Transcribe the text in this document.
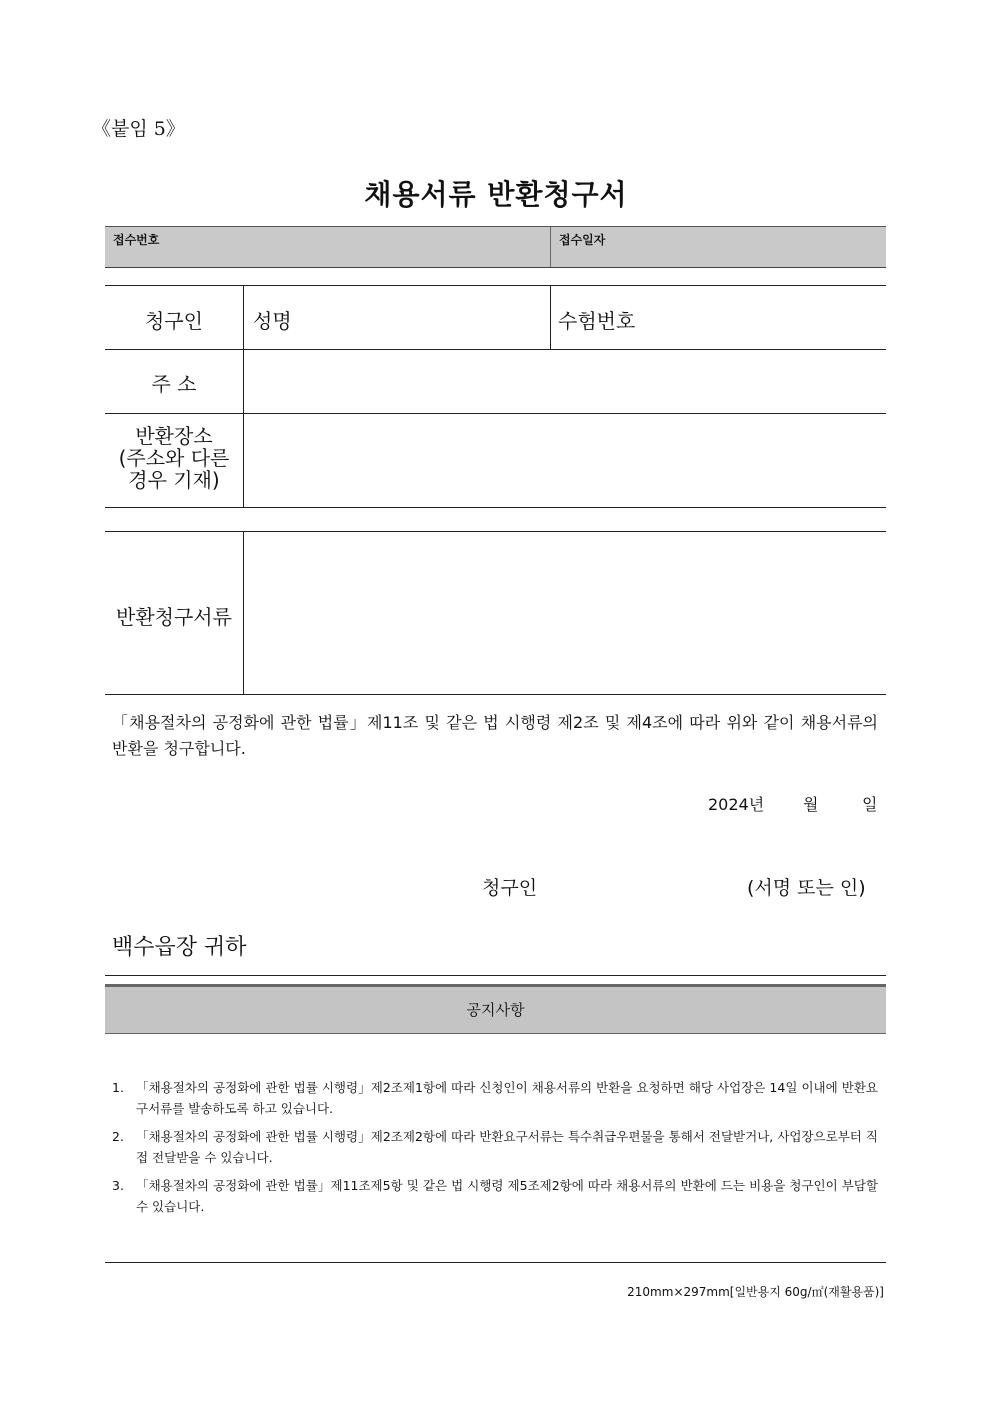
《붙임 5》
채용서류 반환청구서
접수번호	접수일자
청구인	성명	수험번호
주 소
반환장소
(주소와 다른
경우 기재)
반환청구서류
「채용절차의 공정화에 관한 법률」제11조 및 같은 법 시행령 제2조 및 제4조에 따라 위와 같이 채용서류의 반환을 청구합니다.
2024년 월	일
청구인	(서명 또는 인)
백수읍장 귀하
공지사항
1. 「채용절차의 공정화에 관한 법률 시행령」제2조제1항에 따라 신청인이 채용서류의 반환을 요청하면 해당 사업장은 14일 이내에 반환요구서류를 발송하도록 하고 있습니다.
2. 「채용절차의 공정화에 관한 법률 시행령」제2조제2항에 따라 반환요구서류는 특수취급우편물을 통해서 전달받거나, 사업장으로부터 직접 전달받을 수 있습니다.
3. 「채용절차의 공정화에 관한 법률」제11조제5항 및 같은 법 시행령 제5조제2항에 따라 채용서류의 반환에 드는 비용을 청구인이 부담할 수 있습니다.
210mm×297mm[일반용지 60g/㎡(재활용품)]
